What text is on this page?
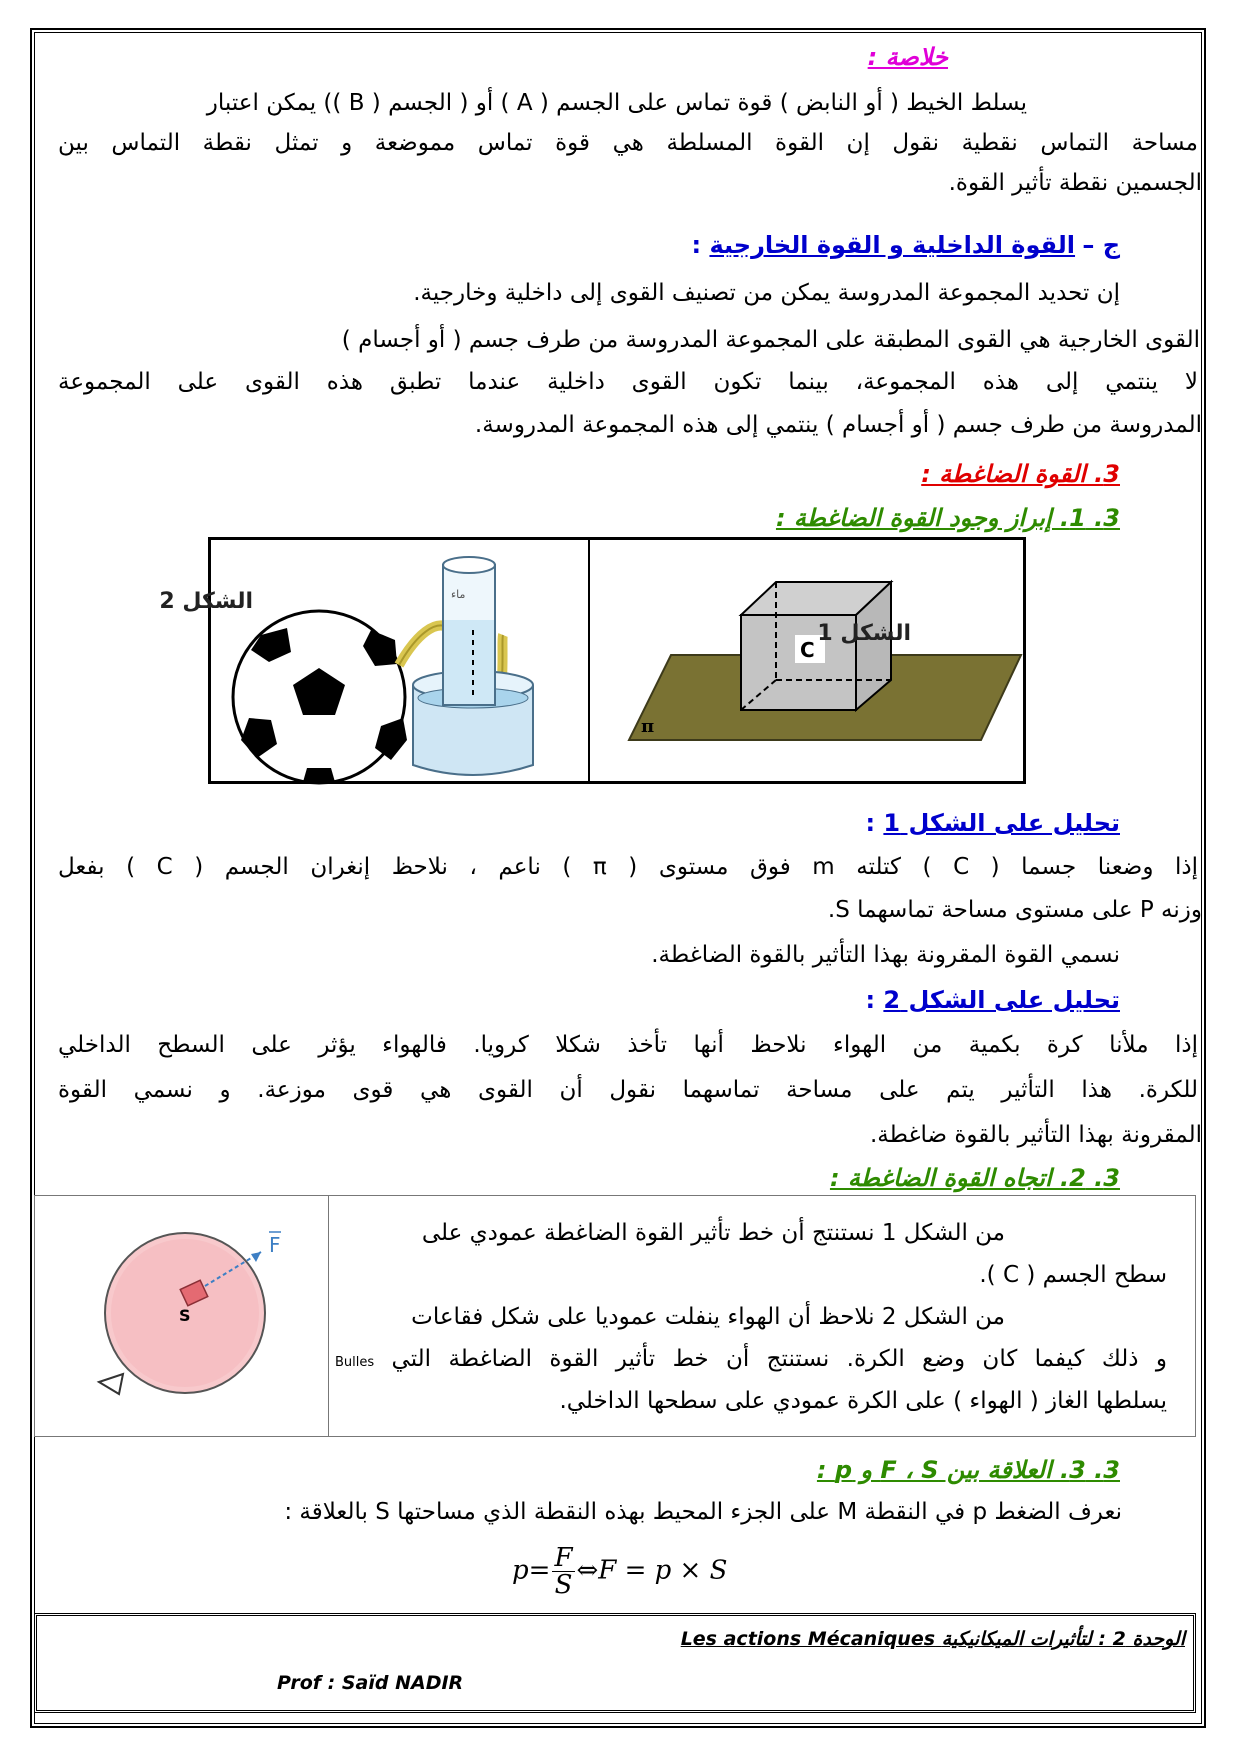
خلاصة :
يسلط الخيط ( أو النابض ) قوة تماس على الجسم ( A ) أو ( الجسم ( B )) يمكن اعتبار
مساحة التماس نقطية نقول إن القوة المسلطة هي قوة تماس مموضعة و تمثل نقطة التماس بين
الجسمين نقطة تأثير القوة.
ج – القوة الداخلية و القوة الخارجية :
إن تحديد المجموعة المدروسة يمكن من تصنيف القوى إلى داخلية وخارجية.
القوى الخارجية هي القوى المطبقة على المجموعة المدروسة من طرف جسم ( أو أجسام )
لا ينتمي إلى هذه المجموعة، بينما تكون القوى داخلية عندما تطبق هذه القوى على المجموعة
المدروسة من طرف جسم ( أو أجسام ) ينتمي إلى هذه المجموعة المدروسة.
3. القوة الضاغطة :
3. 1. إبراز وجود القوة الضاغطة :
ماء
الشكل 2
π
C
الشكل 1
تحليل على الشكل 1 :
إذا وضعنا جسما ( C ) كتلته m فوق مستوى ( π ) ناعم ، نلاحظ إنغران الجسم ( C ) بفعل
وزنه P على مستوى مساحة تماسهما S.
نسمي القوة المقرونة بهذا التأثير بالقوة الضاغطة.
تحليل على الشكل 2 :
إذا ملأنا كرة بكمية من الهواء نلاحظ أنها تأخذ شكلا كرويا. فالهواء يؤثر على السطح الداخلي
للكرة. هذا التأثير يتم على مساحة تماسهما نقول أن القوى هي قوى موزعة. و نسمي القوة
المقرونة بهذا التأثير بالقوة ضاغطة.
3. 2. اتجاه القوة الضاغطة :
F
S
من الشكل 1 نستنتج أن خط تأثير القوة الضاغطة عمودي على
سطح الجسم ( C ).
من الشكل 2 نلاحظ أن الهواء ينفلت عموديا على شكل فقاعات
و ذلك كيفما كان وضع الكرة. نستنتج أن خط تأثير القوة الضاغطة التي Bulles
يسلطها الغاز ( الهواء ) على الكرة عمودي على سطحها الداخلي.
3. 3. العلاقة بين F ، S و p :
نعرف الضغط p في النقطة M على الجزء المحيط بهذه النقطة الذي مساحتها S بالعلاقة :
$p= \frac{F}{S}$ ⇔F = p × S
الوحدة 2 : لتأثيرات الميكانيكية Les actions Mécaniques
Prof : Saïd NADIR
